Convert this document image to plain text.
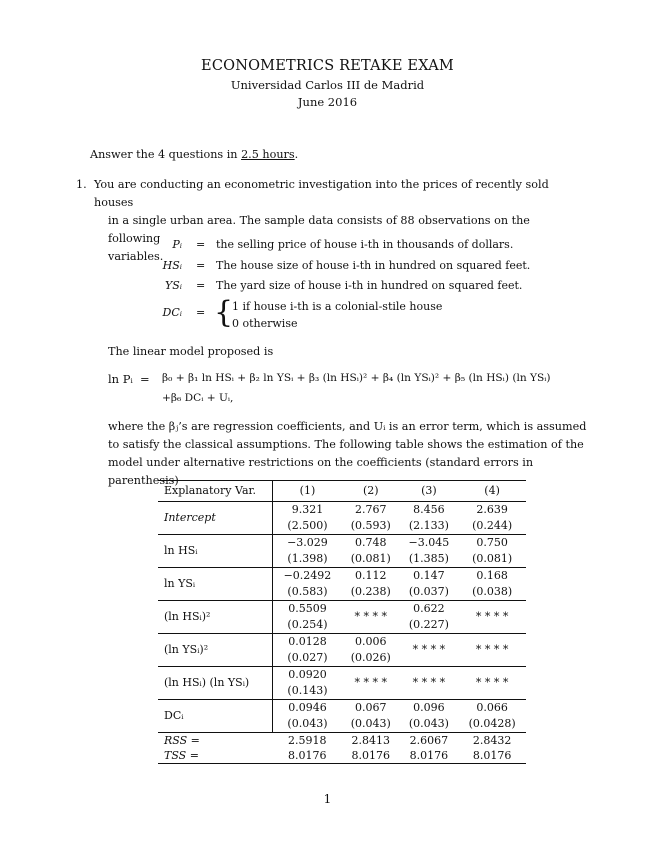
ECONOMETRICS RETAKE EXAM
Universidad Carlos III de Madrid
June 2016
Answer the 4 questions in 2.5 hours.
1. You are conducting an econometric investigation into the prices of recently sold houses
in a single urban area. The sample data consists of 88 observations on the following
variables.
Pᵢ = the selling price of house i-th in thousands of dollars.
HSᵢ = The house size of house i-th in hundred on squared feet.
YSᵢ = The yard size of house i-th in hundred on squared feet.
DCᵢ = {
1 if house i-th is a colonial-stile house
0 otherwise
The linear model proposed is
ln Pᵢ = β₀ + β₁ ln HSᵢ + β₂ ln YSᵢ + β₃ (ln HSᵢ)² + β₄ (ln YSᵢ)² + β₅ (ln HSᵢ) (ln YSᵢ)
+β₆ DCᵢ + Uᵢ,
where the βⱼ’s are regression coefficients, and Uᵢ is an error term, which is assumed
to satisfy the classical assumptions. The following table shows the estimation of the
model under alternative restrictions on the coefficients (standard errors in parenthesis)
Explanatory Var.	(1)	(2)	(3)	(4)
Intercept	9.321	2.767	8.456	2.639
	(2.500)	(0.593)	(2.133)	(0.244)
ln HSᵢ	−3.029	0.748	−3.045	0.750
	(1.398)	(0.081)	(1.385)	(0.081)
ln YSᵢ	−0.2492	0.112	0.147	0.168
	(0.583)	(0.238)	(0.037)	(0.038)
(ln HSᵢ)²	0.5509	* * * *	0.622	* * * *
	(0.254)		(0.227)	
(ln YSᵢ)²	0.0128	0.006	* * * *	* * * *
	(0.027)	(0.026)		
(ln HSᵢ) (ln YSᵢ)	0.0920	* * * *	* * * *	* * * *
	(0.143)			
DCᵢ	0.0946	0.067	0.096	0.066
	(0.043)	(0.043)	(0.043)	(0.0428)
RSS =	2.5918	2.8413	2.6067	2.8432
TSS =	8.0176	8.0176	8.0176	8.0176
1
